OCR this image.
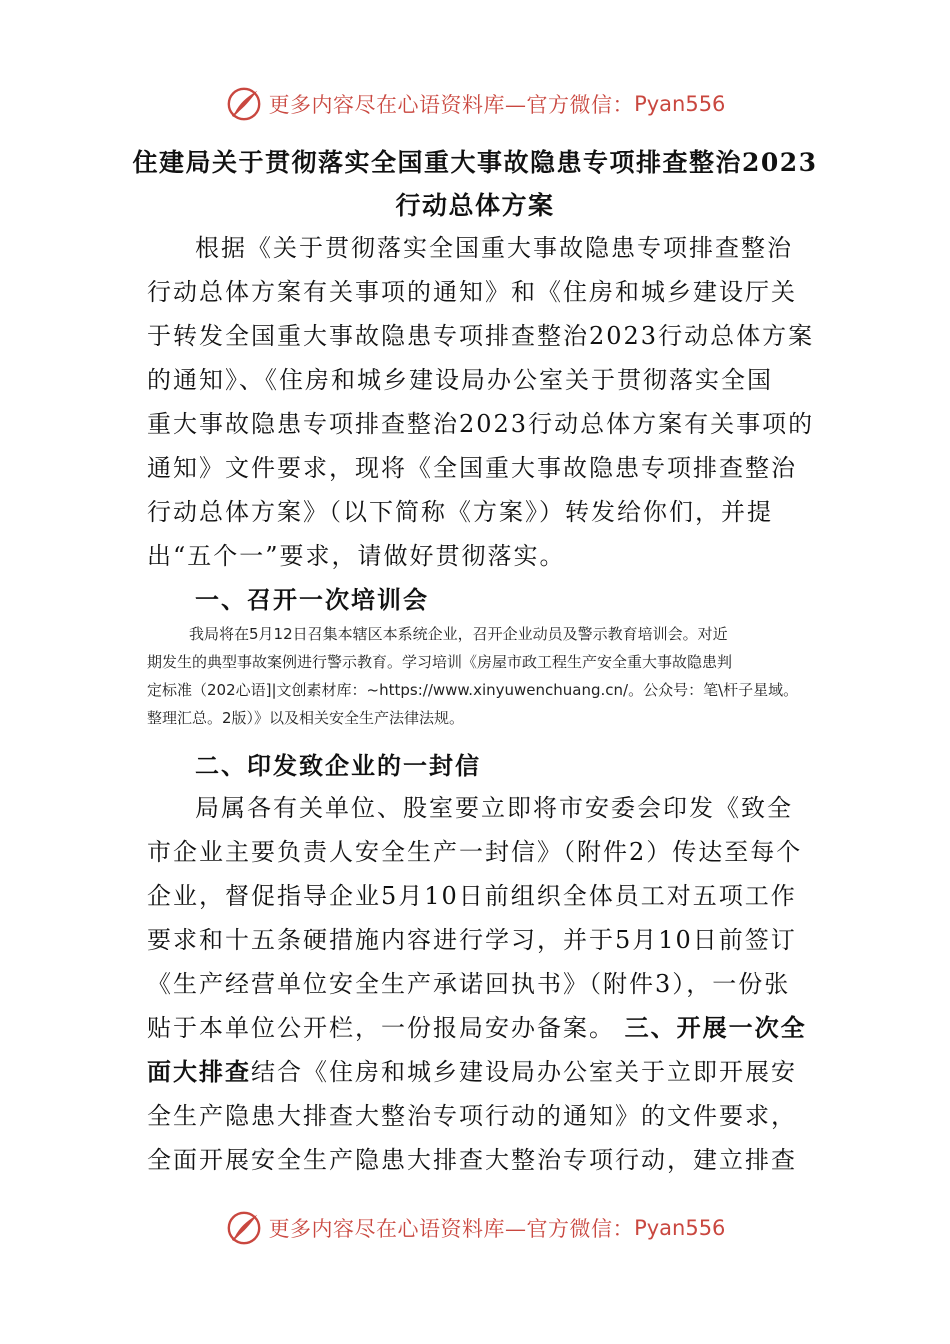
更多内容尽在心语资料库—官方微信： Pyan556
住建局关于贯彻落实全国重大事故隐患专项排查整治2023
行动总体方案
根据《关于贯彻落实全国重大事故隐患专项排查整治
行动总体方案有关事项的通知》和《住房和城乡建设厅关
于转发全国重大事故隐患专项排查整治2023行动总体方案
的通知》、《住房和城乡建设局办公室关于贯彻落实全国
重大事故隐患专项排查整治2023行动总体方案有关事项的
通知》文件要求，现将《全国重大事故隐患专项排查整治
行动总体方案》（以下简称《方案》）转发给你们，并提
出“五个一”要求，请做好贯彻落实。
一、召开一次培训会
我局将在5月12日召集本辖区本系统企业，召开企业动员及警示教育培训会。对近
期发生的典型事故案例进行警示教育。学习培训《房屋市政工程生产安全重大事故隐患判
定标准（202心语]|文创素材库：~https://www.xinyuwenchuang.cn/。公众号：笔\杆子星域。
整理汇总。2版）》以及相关安全生产法律法规。
二、印发致企业的一封信
局属各有关单位、股室要立即将市安委会印发《致全
市企业主要负责人安全生产一封信》（附件2）传达至每个
企业，督促指导企业5月10日前组织全体员工对五项工作
要求和十五条硬措施内容进行学习，并于5月10日前签订
《生产经营单位安全生产承诺回执书》（附件3），一份张
贴于本单位公开栏，一份报局安办备案。 三、开展一次全
面大排查结合《住房和城乡建设局办公室关于立即开展安
全生产隐患大排查大整治专项行动的通知》的文件要求，
全面开展安全生产隐患大排查大整治专项行动，建立排查
更多内容尽在心语资料库—官方微信： Pyan556
